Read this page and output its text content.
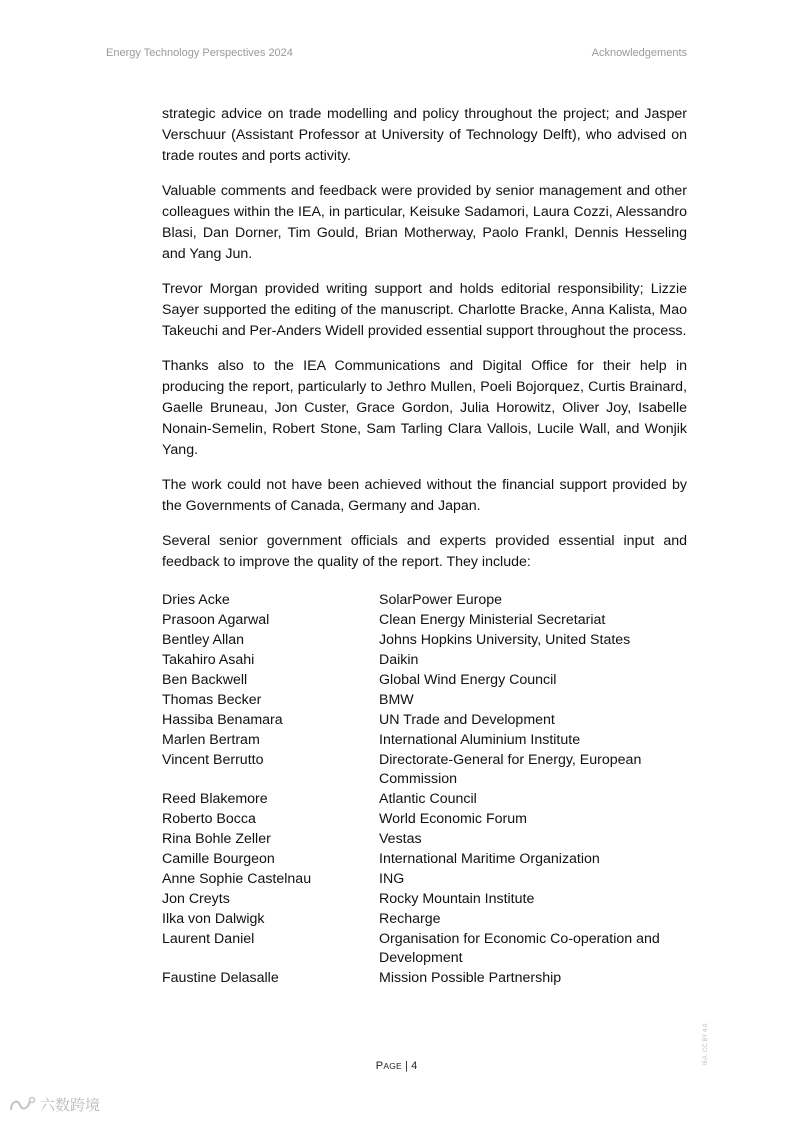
Energy Technology Perspectives 2024	Acknowledgements

strategic advice on trade modelling and policy throughout the project; and Jasper Verschuur (Assistant Professor at University of Technology Delft), who advised on trade routes and ports activity.

Valuable comments and feedback were provided by senior management and other colleagues within the IEA, in particular, Keisuke Sadamori, Laura Cozzi, Alessandro Blasi, Dan Dorner, Tim Gould, Brian Motherway, Paolo Frankl, Dennis Hesseling and Yang Jun.

Trevor Morgan provided writing support and holds editorial responsibility; Lizzie Sayer supported the editing of the manuscript. Charlotte Bracke, Anna Kalista, Mao Takeuchi and Per-Anders Widell provided essential support throughout the process.

Thanks also to the IEA Communications and Digital Office for their help in producing the report, particularly to Jethro Mullen, Poeli Bojorquez, Curtis Brainard, Gaelle Bruneau, Jon Custer, Grace Gordon, Julia Horowitz, Oliver Joy, Isabelle Nonain-Semelin, Robert Stone, Sam Tarling Clara Vallois, Lucile Wall, and Wonjik Yang.

The work could not have been achieved without the financial support provided by the Governments of Canada, Germany and Japan.

Several senior government officials and experts provided essential input and feedback to improve the quality of the report. They include:

Dries Acke	SolarPower Europe
Prasoon Agarwal	Clean Energy Ministerial Secretariat
Bentley Allan	Johns Hopkins University, United States
Takahiro Asahi	Daikin
Ben Backwell	Global Wind Energy Council
Thomas Becker	BMW
Hassiba Benamara	UN Trade and Development
Marlen Bertram	International Aluminium Institute
Vincent Berrutto	Directorate-General for Energy, European Commission
Reed Blakemore	Atlantic Council
Roberto Bocca	World Economic Forum
Rina Bohle Zeller	Vestas
Camille Bourgeon	International Maritime Organization
Anne Sophie Castelnau	ING
Jon Creyts	Rocky Mountain Institute
Ilka von Dalwigk	Recharge
Laurent Daniel	Organisation for Economic Co-operation and Development
Faustine Delasalle	Mission Possible Partnership
PAGE | 4
IEA. CC BY 4.0.
六数跨境
